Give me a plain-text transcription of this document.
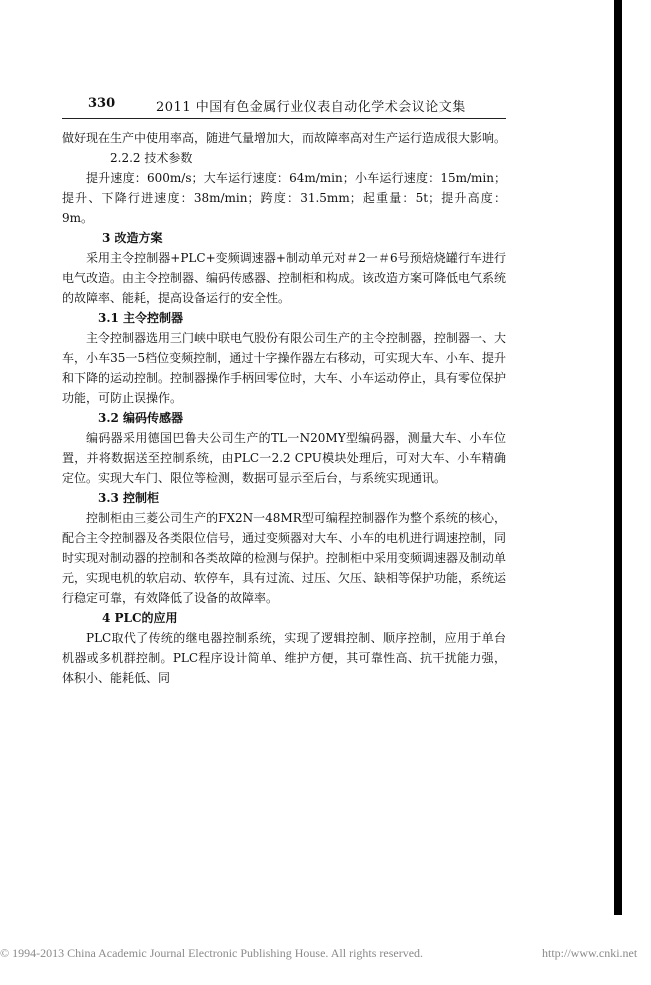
330	2011 中国有色金属行业仪表自动化学术会议论文集

做好现在生产中使用率高，随进气量增加大，而故障率高对生产运行造成很大影响。

2.2.2 技术参数

提升速度：600m/s；大车运行速度：64m/min；小车运行速度：15m/min；提升、下降行进速度：38m/min；跨度：31.5mm；起重量：5t；提升高度：9m。

3 改造方案

采用主令控制器+PLC+变频调速器+制动单元对＃2一＃6号预焙烧罐行车进行电气改造。由主令控制器、编码传感器、控制柜和构成。该改造方案可降低电气系统的故障率、能耗，提高设备运行的安全性。

3.1 主令控制器

主令控制器选用三门峡中联电气股份有限公司生产的主令控制器，控制器一、大车，小车35一5档位变频控制，通过十字操作器左右移动，可实现大车、小车、提升和下降的运动控制。控制器操作手柄回零位时，大车、小车运动停止，具有零位保护功能，可防止误操作。

3.2 编码传感器

编码器采用德国巴鲁夫公司生产的TL一N20MY型编码器，测量大车、小车位置，并将数据送至控制系统，由PLC一2.2 CPU模块处理后，可对大车、小车精确定位。实现大车门、限位等检测，数据可显示至后台，与系统实现通讯。

3.3 控制柜

控制柜由三菱公司生产的FX2N一48MR型可编程控制器作为整个系统的核心，配合主令控制器及各类限位信号，通过变频器对大车、小车的电机进行调速控制，同时实现对制动器的控制和各类故障的检测与保护。控制柜中采用变频调速器及制动单元，实现电机的软启动、软停车，具有过流、过压、欠压、缺相等保护功能，系统运行稳定可靠，有效降低了设备的故障率。

4 PLC的应用

PLC取代了传统的继电器控制系统，实现了逻辑控制、顺序控制，应用于单台机器或多机群控制。PLC程序设计简单、维护方便，其可靠性高、抗干扰能力强，体积小、能耗低、同

© 1994-2013 China Academic Journal Electronic Publishing House. All rights reserved.	http://www.cnki.net
